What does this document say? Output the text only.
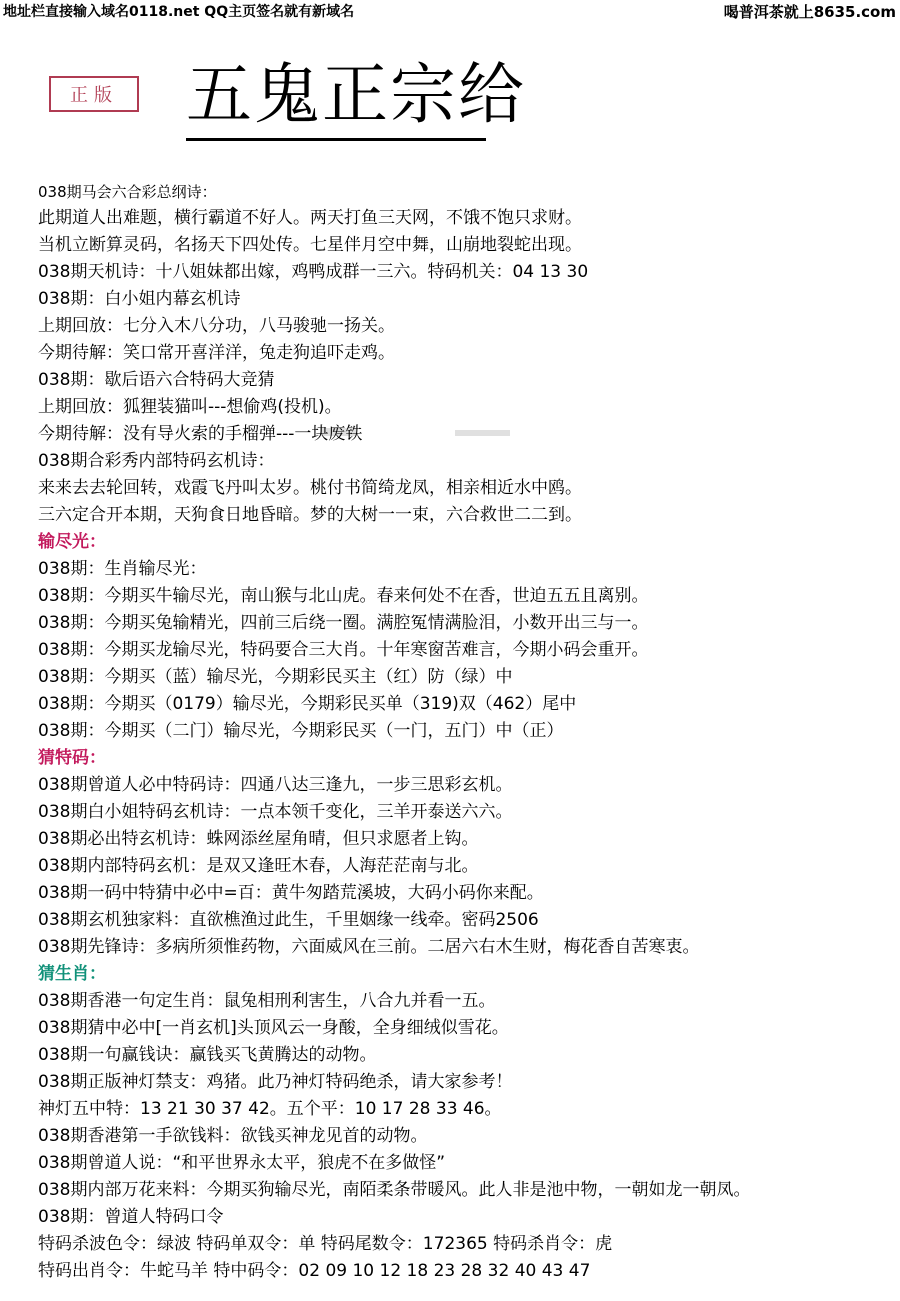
地址栏直接输入域名0118.net QQ主页签名就有新域名	喝普洱茶就上8635.com
正版	五鬼正宗给
038期马会六合彩总纲诗：
此期道人出难题，横行霸道不好人。两天打鱼三天网，不饿不饱只求财。
当机立断算灵码，名扬天下四处传。七星伴月空中舞，山崩地裂蛇出现。
038期天机诗：十八姐妹都出嫁，鸡鸭成群一三六。特码机关：04 13 30
038期：白小姐内幕玄机诗
上期回放：七分入木八分功，八马骏驰一扬关。
今期待解：笑口常开喜洋洋，兔走狗追吓走鸡。
038期：歇后语六合特码大竞猜
上期回放：狐狸装猫叫---想偷鸡(投机)。
今期待解：没有导火索的手榴弹---一块废铁
038期合彩秀内部特码玄机诗：
来来去去轮回转，戏霞飞丹叫太岁。桃付书简绮龙凤，相亲相近水中鸥。
三六定合开本期，天狗食日地昏暗。梦的大树一一束，六合救世二二到。
输尽光：
038期：生肖输尽光：
038期：今期买牛输尽光，南山猴与北山虎。春来何处不在香，世迫五五且离别。
038期：今期买兔输精光，四前三后绕一圈。满腔冤情满脸泪，小数开出三与一。
038期：今期买龙输尽光，特码要合三大肖。十年寒窗苦难言，今期小码会重开。
038期：今期买（蓝）输尽光，今期彩民买主（红）防（绿）中
038期：今期买（0179）输尽光，今期彩民买单（319)双（462）尾中
038期：今期买（二门）输尽光，今期彩民买（一门，五门）中（正）
猜特码：
038期曾道人必中特码诗：四通八达三逢九，一步三思彩玄机。
038期白小姐特码玄机诗：一点本领千变化，三羊开泰送六六。
038期必出特玄机诗：蛛网添丝屋角晴，但只求愿者上钩。
038期内部特码玄机：是双又逢旺木春，人海茫茫南与北。
038期一码中特猜中必中=百：黄牛匆踏荒溪坡，大码小码你来配。
038期玄机独家料：直欲樵渔过此生，千里姻缘一线牵。密码2506
038期先锋诗：多病所须惟药物，六面威风在三前。二居六右木生财，梅花香自苦寒衷。
猜生肖：
038期香港一句定生肖：鼠兔相刑利害生，八合九并看一五。
038期猜中必中[一肖玄机]头顶风云一身酸，全身细绒似雪花。
038期一句赢钱诀：赢钱买飞黄腾达的动物。
038期正版神灯禁支：鸡猪。此乃神灯特码绝杀，请大家参考！
神灯五中特：13 21 30 37 42。五个平：10 17 28 33 46。
038期香港第一手欲钱料：欲钱买神龙见首的动物。
038期曾道人说：“和平世界永太平，狼虎不在多做怪”
038期内部万花来料：今期买狗输尽光，南陌柔条带暖风。此人非是池中物，一朝如龙一朝凤。
038期：曾道人特码口令
特码杀波色令：绿波 特码单双令：单 特码尾数令：172365 特码杀肖令：虎
特码出肖令：牛蛇马羊 特中码令：02 09 10 12 18 23 28 32 40 43 47
